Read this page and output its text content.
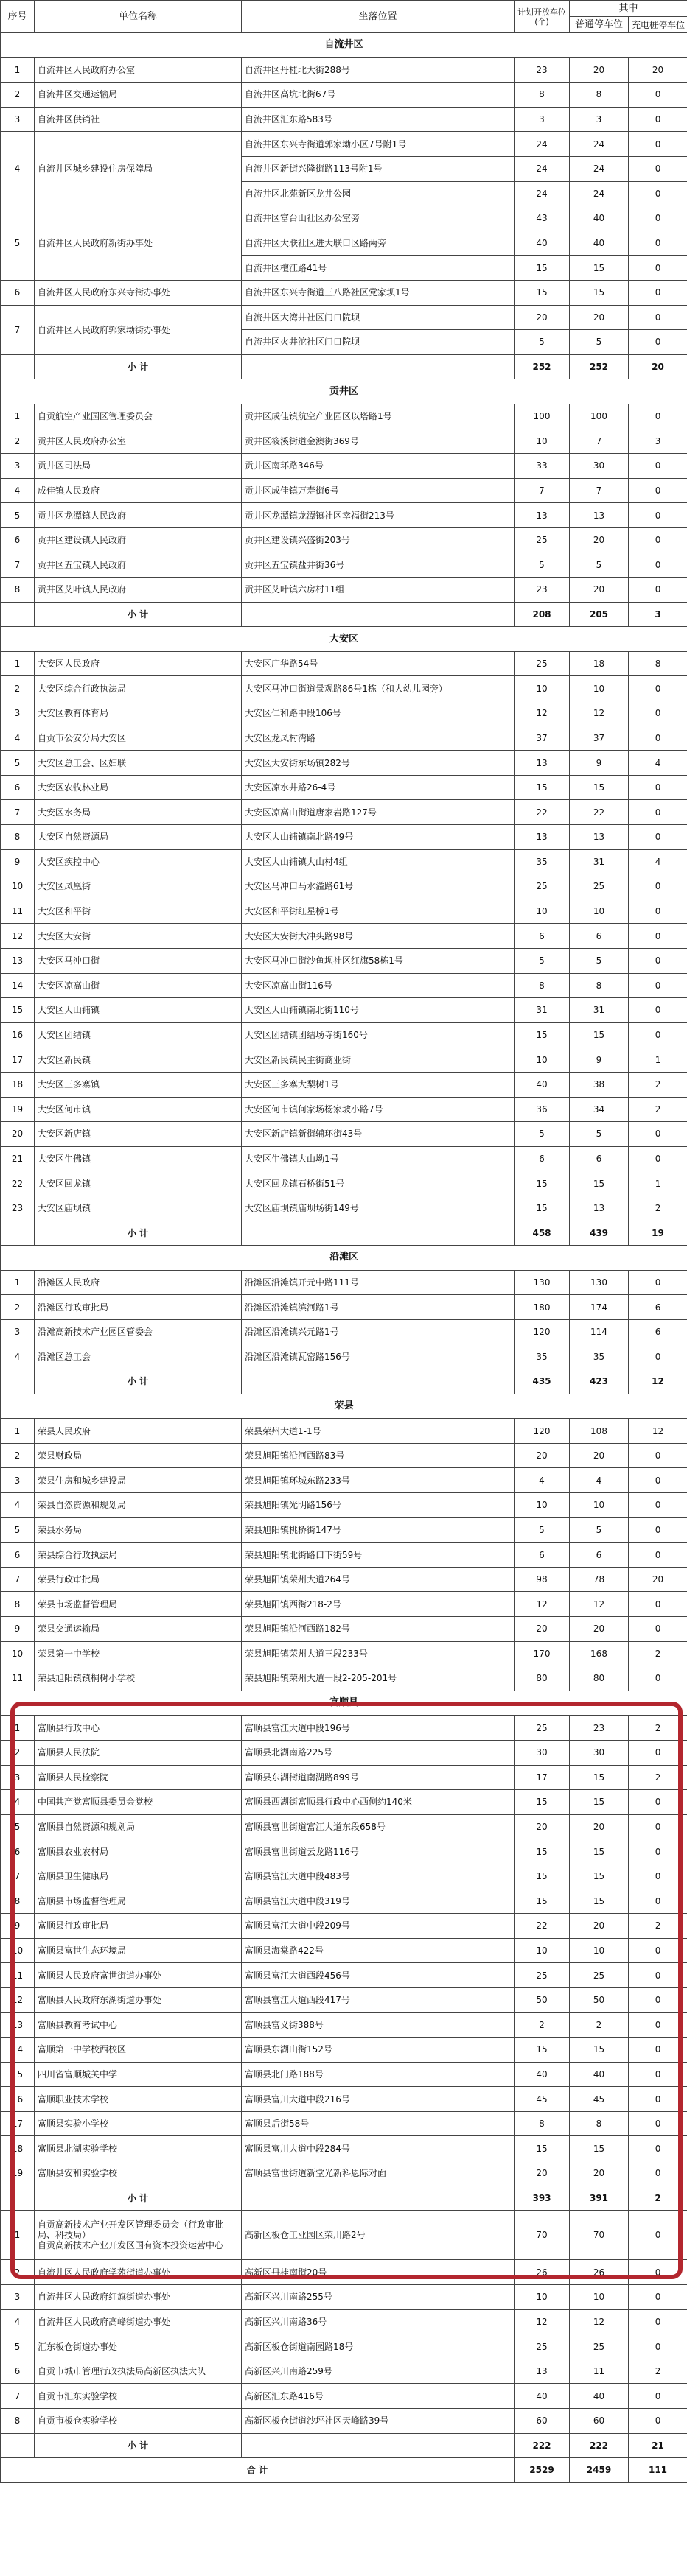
序号	单位名称	坐落位置	计划开放车位(个)	其中	
				普通停车位	充电桩停车位
自流井区					
1	自流井区人民政府办公室	自流井区丹桂北大街288号	23	20	20
2	自流井区交通运输局	自流井区高坑北街67号	8	8	0
3	自流井区供销社	自流井区汇东路583号	3	3	0
4	自流井区城乡建设住房保障局	自流井区东兴寺街道郭家坳小区7号附1号	24	24	0
		自流井区新街兴隆街路113号附1号	24	24	0
		自流井区北苑新区龙井公园	24	24	0
5	自流井区人民政府新街办事处	自流井区富台山社区办公室旁	43	40	0
		自流井区大联社区进大联口区路两旁	40	40	0
		自流井区檀江路41号	15	15	0
6	自流井区人民政府东兴寺街办事处	自流井区东兴寺街道三八路社区党家坝1号	15	15	0
7	自流井区人民政府郭家坳街办事处	自流井区大湾井社区门口院坝	20	20	0
		自流井区火井沱社区门口院坝	5	5	0
	小 计		252	252	20
贡井区					
1	自贡航空产业园区管理委员会	贡井区成佳镇航空产业园区以塔路1号	100	100	0
2	贡井区人民政府办公室	贡井区筱溪街道金澳街369号	10	7	3
3	贡井区司法局	贡井区南环路346号	33	30	0
4	成佳镇人民政府	贡井区成佳镇万寿街6号	7	7	0
5	贡井区龙潭镇人民政府	贡井区龙潭镇龙潭镇社区幸福街213号	13	13	0
6	贡井区建设镇人民政府	贡井区建设镇兴盛街203号	25	20	0
7	贡井区五宝镇人民政府	贡井区五宝镇盐井街36号	5	5	0
8	贡井区艾叶镇人民政府	贡井区艾叶镇六房村11组	23	20	0
	小 计		208	205	3
大安区					
1	大安区人民政府	大安区广华路54号	25	18	8
2	大安区综合行政执法局	大安区马冲口街道景观路86号1栋（和大幼儿园旁）	10	10	0
3	大安区教育体育局	大安区仁和路中段106号	12	12	0
4	自贡市公安分局大安区	大安区龙凤村湾路	37	37	0
5	大安区总工会、区妇联	大安区大安街东场镇282号	13	9	4
6	大安区农牧林业局	大安区凉水井路26-4号	15	15	0
7	大安区水务局	大安区凉高山街道唐家岩路127号	22	22	0
8	大安区自然资源局	大安区大山铺镇南北路49号	13	13	0
9	大安区疾控中心	大安区大山铺镇大山村4组	35	31	4
10	大安区凤凰街	大安区马冲口马水溢路61号	25	25	0
11	大安区和平街	大安区和平街红星桥1号	10	10	0
12	大安区大安街	大安区大安街大冲头路98号	6	6	0
13	大安区马冲口街	大安区马冲口街沙鱼坝社区红旗58栋1号	5	5	0
14	大安区凉高山街	大安区凉高山街116号	8	8	0
15	大安区大山铺镇	大安区大山铺镇南北街110号	31	31	0
16	大安区团结镇	大安区团结镇团结场寺街160号	15	15	0
17	大安区新民镇	大安区新民镇民主街商业街	10	9	1
18	大安区三多寨镇	大安区三多寨大梨树1号	40	38	2
19	大安区何市镇	大安区何市镇何家场杨家坡小路7号	36	34	2
20	大安区新店镇	大安区新店镇新街辅环街43号	5	5	0
21	大安区牛佛镇	大安区牛佛镇大山坳1号	6	6	0
22	大安区回龙镇	大安区回龙镇石桥街51号	15	15	1
23	大安区庙坝镇	大安区庙坝镇庙坝场街149号	15	13	2
	小 计		458	439	19
沿滩区					
1	沿滩区人民政府	沿滩区沿滩镇开元中路111号	130	130	0
2	沿滩区行政审批局	沿滩区沿滩镇滨河路1号	180	174	6
3	沿滩高新技术产业园区管委会	沿滩区沿滩镇兴元路1号	120	114	6
4	沿滩区总工会	沿滩区沿滩镇瓦窑路156号	35	35	0
	小 计		435	423	12
荣县					
1	荣县人民政府	荣县荣州大道1-1号	120	108	12
2	荣县财政局	荣县旭阳镇沿河西路83号	20	20	0
3	荣县住房和城乡建设局	荣县旭阳镇环城东路233号	4	4	0
4	荣县自然资源和规划局	荣县旭阳镇光明路156号	10	10	0
5	荣县水务局	荣县旭阳镇桃桥街147号	5	5	0
6	荣县综合行政执法局	荣县旭阳镇北街路口下街59号	6	6	0
7	荣县行政审批局	荣县旭阳镇荣州大道264号	98	78	20
8	荣县市场监督管理局	荣县旭阳镇西街218-2号	12	12	0
9	荣县交通运输局	荣县旭阳镇沿河西路182号	20	20	0
10	荣县第一中学校	荣县旭阳镇荣州大道三段233号	170	168	2
11	荣县旭阳镇镇桐树小学校	荣县旭阳镇荣州大道一段2-205-201号	80	80	0
富顺县					
1	富顺县行政中心	富顺县富江大道中段196号	25	23	2
2	富顺县人民法院	富顺县北湖南路225号	30	30	0
3	富顺县人民检察院	富顺县东湖街道南湖路899号	17	15	2
4	中国共产党富顺县委员会党校	富顺县西湖街富顺县行政中心西侧约140米	15	15	0
5	富顺县自然资源和规划局	富顺县富世街道富江大道东段658号	20	20	0
6	富顺县农业农村局	富顺县富世街道云龙路116号	15	15	0
7	富顺县卫生健康局	富顺县富江大道中段483号	15	15	0
8	富顺县市场监督管理局	富顺县富江大道中段319号	15	15	0
9	富顺县行政审批局	富顺县富江大道中段209号	22	20	2
10	富顺县富世生态环境局	富顺县海棠路422号	10	10	0
11	富顺县人民政府富世街道办事处	富顺县富江大道西段456号	25	25	0
12	富顺县人民政府东湖街道办事处	富顺县富江大道西段417号	50	50	0
13	富顺县教育考试中心	富顺县富义街388号	2	2	0
14	富顺第一中学校西校区	富顺县东湖山街152号	15	15	0
15	四川省富顺城关中学	富顺县北门路188号	40	40	0
16	富顺职业技术学校	富顺县富川大道中段216号	45	45	0
17	富顺县实验小学校	富顺县后街58号	8	8	0
18	富顺县北湖实验学校	富顺县富川大道中段284号	15	15	0
19	富顺县安和实验学校	富顺县富世街道新堂光新科恩际对面	20	20	0
	小 计		393	391	2
1	自贡高新技术产业开发区管理委员会（行政审批局、科技局）
自贡高新技术产业开发区国有资本投资运营中心	高新区板仓工业园区荣川路2号	70	70	0
2	自流井区人民政府学苑街道办事处	高新区丹桂南街20号	26	26	0
3	自流井区人民政府红旗街道办事处	高新区兴川南路255号	10	10	0
4	自流井区人民政府高峰街道办事处	高新区兴川南路36号	12	12	0
5	汇东板仓街道办事处	高新区板仓街道南园路18号	25	25	0
6	自贡市城市管理行政执法局高新区执法大队	高新区兴川南路259号	13	11	2
7	自贡市汇东实验学校	高新区汇东路416号	40	40	0
8	自贡市板仓实验学校	高新区板仓街道沙坪社区天峰路39号	60	60	0
	小 计		222	222	21
合 计			2529	2459	111
